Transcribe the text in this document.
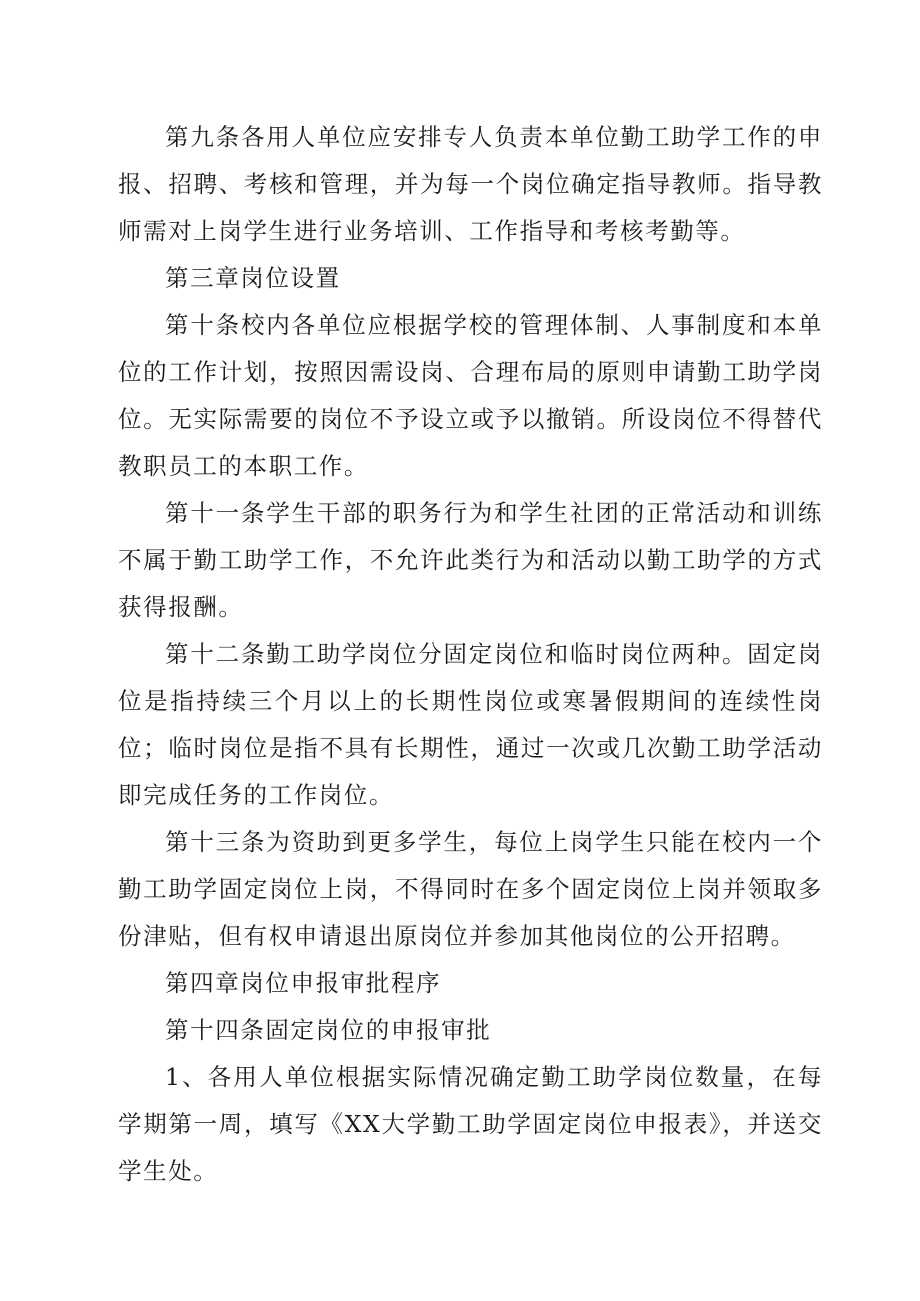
第九条各用人单位应安排专人负责本单位勤工助学工作的申报、招聘、考核和管理，并为每一个岗位确定指导教师。指导教师需对上岗学生进行业务培训、工作指导和考核考勤等。

第三章岗位设置

第十条校内各单位应根据学校的管理体制、人事制度和本单位的工作计划，按照因需设岗、合理布局的原则申请勤工助学岗位。无实际需要的岗位不予设立或予以撤销。所设岗位不得替代教职员工的本职工作。

第十一条学生干部的职务行为和学生社团的正常活动和训练不属于勤工助学工作，不允许此类行为和活动以勤工助学的方式获得报酬。

第十二条勤工助学岗位分固定岗位和临时岗位两种。固定岗位是指持续三个月以上的长期性岗位或寒暑假期间的连续性岗位；临时岗位是指不具有长期性，通过一次或几次勤工助学活动即完成任务的工作岗位。

第十三条为资助到更多学生，每位上岗学生只能在校内一个勤工助学固定岗位上岗，不得同时在多个固定岗位上岗并领取多份津贴，但有权申请退出原岗位并参加其他岗位的公开招聘。

第四章岗位申报审批程序

第十四条固定岗位的申报审批

1、各用人单位根据实际情况确定勤工助学岗位数量，在每学期第一周，填写《XX大学勤工助学固定岗位申报表》，并送交学生处。
